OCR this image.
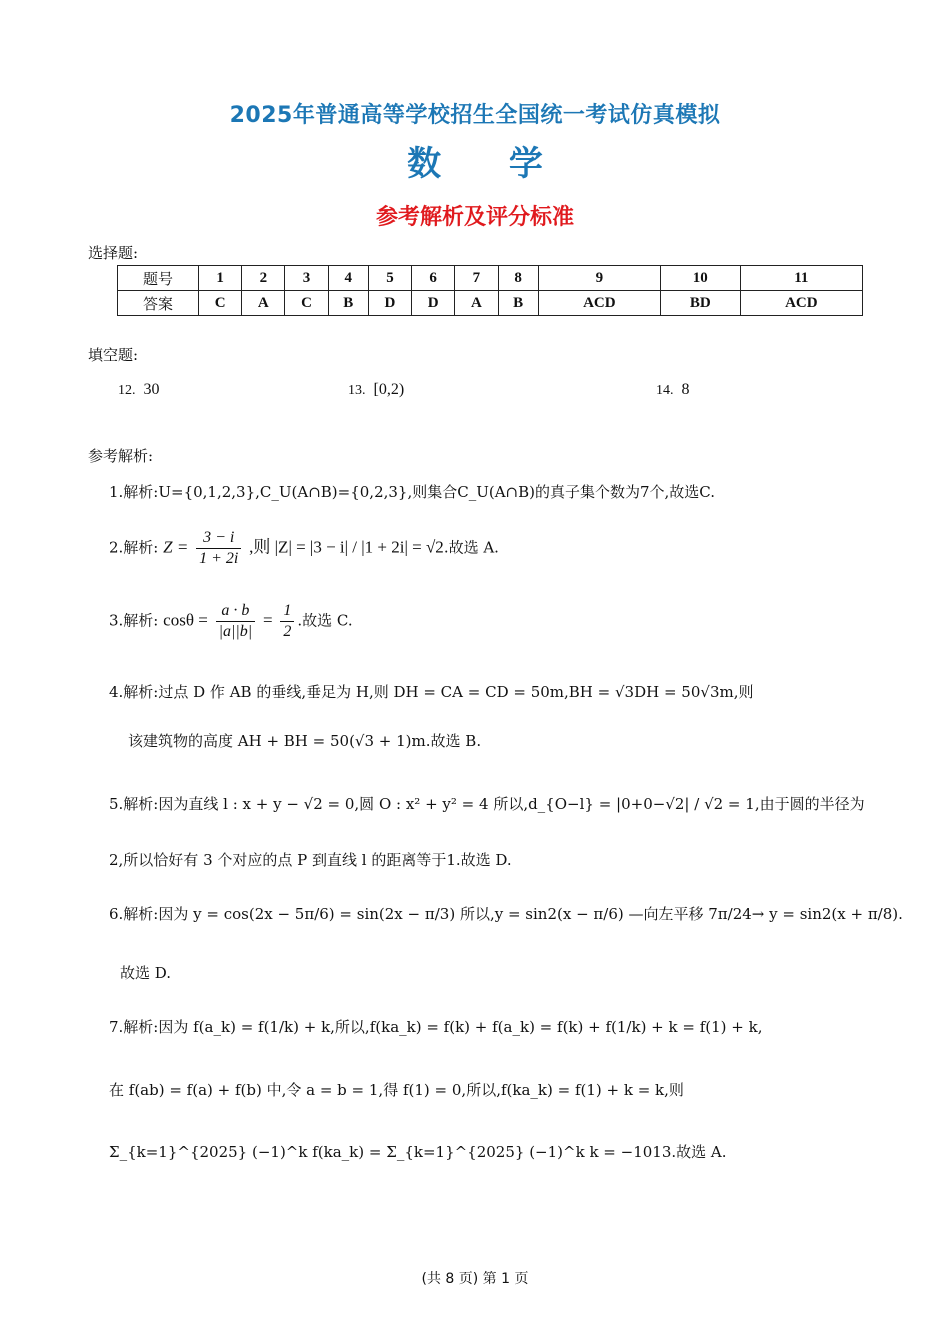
2025年普通高等学校招生全国统一考试仿真模拟
数 学
参考解析及评分标准
选择题:
题号	1	2	3	4	5	6	7	8	9	10	11
答案	C	A	C	B	D	D	A	B	ACD	BD	ACD
填空题:
12. 30	13. [0,2)	14. 8
参考解析:
1.解析:U={0,1,2,3},C_U(A∩B)={0,2,3},则集合C_U(A∩B)的真子集个数为7个,故选C.
2.解析: $Z = \frac{3 - i}{1 + 2i}$ ,则 |Z| = |3 − i| / |1 + 2i| = √2.故选 A.
3.解析: $\cos\theta = \frac{a \cdot b}{|a||b|} = \frac{1}{2}$ .故选 C.
4.解析:过点 D 作 AB 的垂线,垂足为 H,则 DH = CA = CD = 50m,BH = √3DH = 50√3m,则
该建筑物的高度 AH + BH = 50(√3 + 1)m.故选 B.
5.解析:因为直线 l : x + y − √2 = 0,圆 O : x² + y² = 4 所以,d_{O−l} = |0+0−√2| / √2 = 1,由于圆的半径为
2,所以恰好有 3 个对应的点 P 到直线 l 的距离等于1.故选 D.
6.解析:因为 y = cos(2x − 5π/6) = sin(2x − π/3) 所以,y = sin2(x − π/6) —向左平移 7π/24→ y = sin2(x + π/8).
故选 D.
7.解析:因为 f(a_k) = f(1/k) + k,所以,f(ka_k) = f(k) + f(a_k) = f(k) + f(1/k) + k = f(1) + k,
在 f(ab) = f(a) + f(b) 中,令 a = b = 1,得 f(1) = 0,所以,f(ka_k) = f(1) + k = k,则
Σ_{k=1}^{2025} (−1)^k f(ka_k) = Σ_{k=1}^{2025} (−1)^k k = −1013.故选 A.
(共 8 页) 第 1 页
